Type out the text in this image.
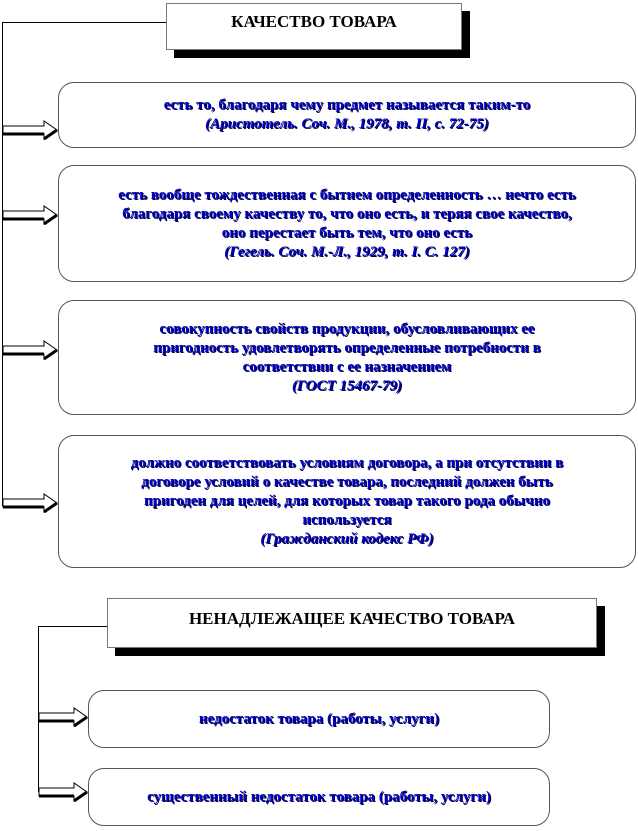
КАЧЕСТВО ТОВАРА
есть то, благодаря чему предмет называется таким-то
(Аристотель. Соч. М., 1978, т. II, с. 72-75)
есть вообще тождественная с бытием определенность … нечто есть
благодаря своему качеству то, что оно есть, и теряя свое качество,
оно перестает быть тем, что оно есть
(Гегель. Соч. М.-Л., 1929, т. I. С. 127)
совокупность свойств продукции, обусловливающих ее
пригодность удовлетворять определенные потребности в
соответствии с ее назначением
(ГОСТ 15467-79)
должно соответствовать условиям договора, а при отсутствии в
договоре условий о качестве товара, последний должен быть
пригоден для целей, для которых товар такого рода обычно
используется
(Гражданский кодекс РФ)
НЕНАДЛЕЖАЩЕЕ КАЧЕСТВО ТОВАРА
недостаток товара (работы, услуги)
существенный недостаток товара (работы, услуги)
